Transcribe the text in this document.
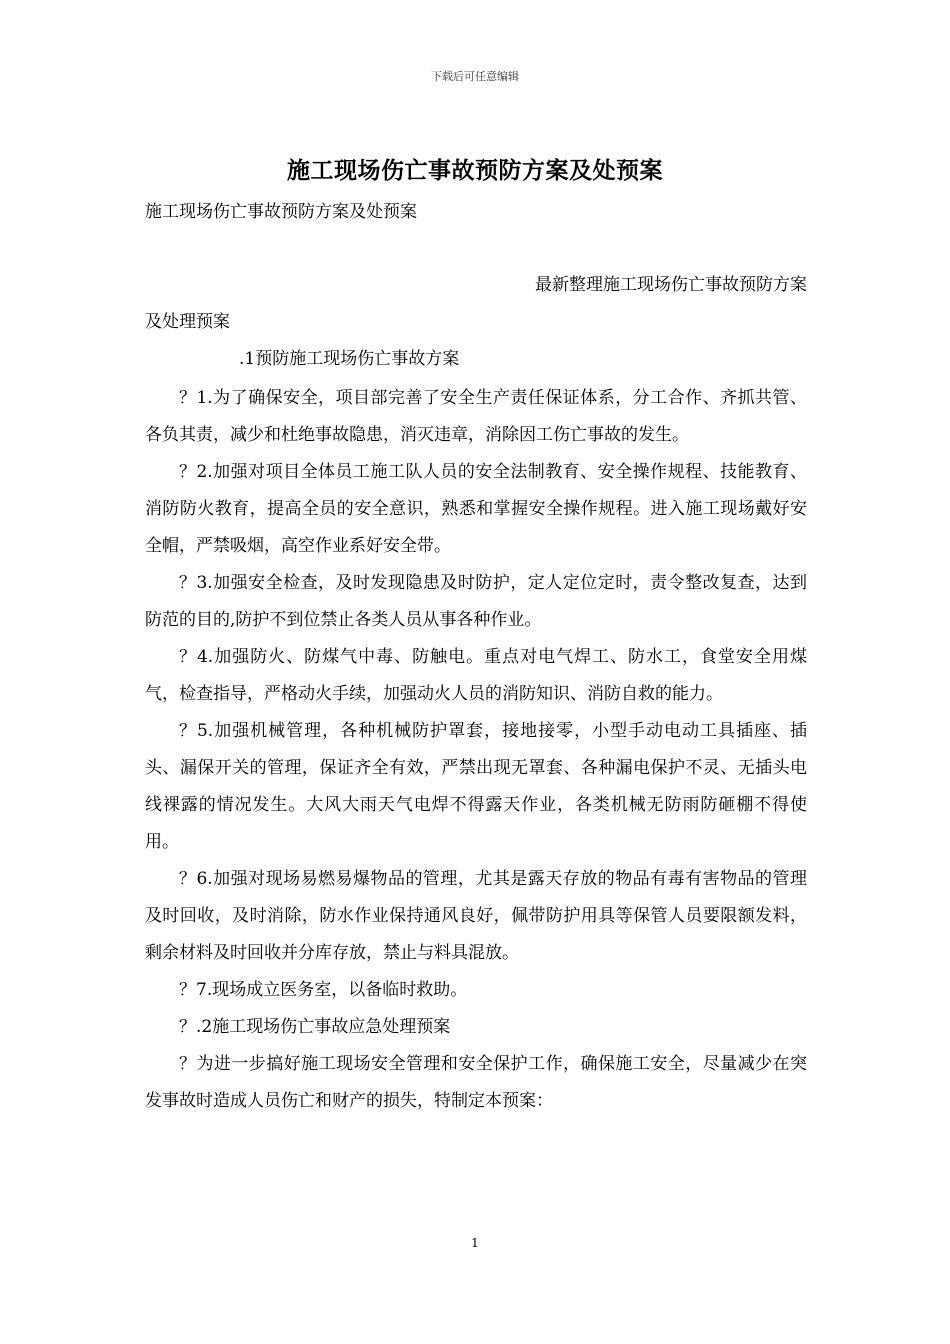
下载后可任意编辑
施工现场伤亡事故预防方案及处预案
施工现场伤亡事故预防方案及处预案
最新整理施工现场伤亡事故预防方案
及处理预案
.1预防施工现场伤亡事故方案

？1.为了确保安全，项目部完善了安全生产责任保证体系，分工合作、齐抓共管、各负其责，减少和杜绝事故隐患，消灭违章，消除因工伤亡事故的发生。

？2.加强对项目全体员工施工队人员的安全法制教育、安全操作规程、技能教育、消防防火教育，提高全员的安全意识，熟悉和掌握安全操作规程。进入施工现场戴好安全帽，严禁吸烟，高空作业系好安全带。

？3.加强安全检查，及时发现隐患及时防护，定人定位定时，责令整改复查，达到防范的目的,防护不到位禁止各类人员从事各种作业。

？4.加强防火、防煤气中毒、防触电。重点对电气焊工、防水工，食堂安全用煤气，检查指导，严格动火手续，加强动火人员的消防知识、消防自救的能力。

？5.加强机械管理，各种机械防护罩套，接地接零，小型手动电动工具插座、插头、漏保开关的管理，保证齐全有效，严禁出现无罩套、各种漏电保护不灵、无插头电线裸露的情况发生。大风大雨天气电焊不得露天作业，各类机械无防雨防砸棚不得使用。

？6.加强对现场易燃易爆物品的管理，尤其是露天存放的物品有毒有害物品的管理及时回收，及时消除，防水作业保持通风良好，佩带防护用具等保管人员要限额发料，剩余材料及时回收并分库存放，禁止与料具混放。

？7.现场成立医务室，以备临时救助。

？.2施工现场伤亡事故应急处理预案

？为进一步搞好施工现场安全管理和安全保护工作，确保施工安全，尽量减少在突发事故时造成人员伤亡和财产的损失，特制定本预案：

1
